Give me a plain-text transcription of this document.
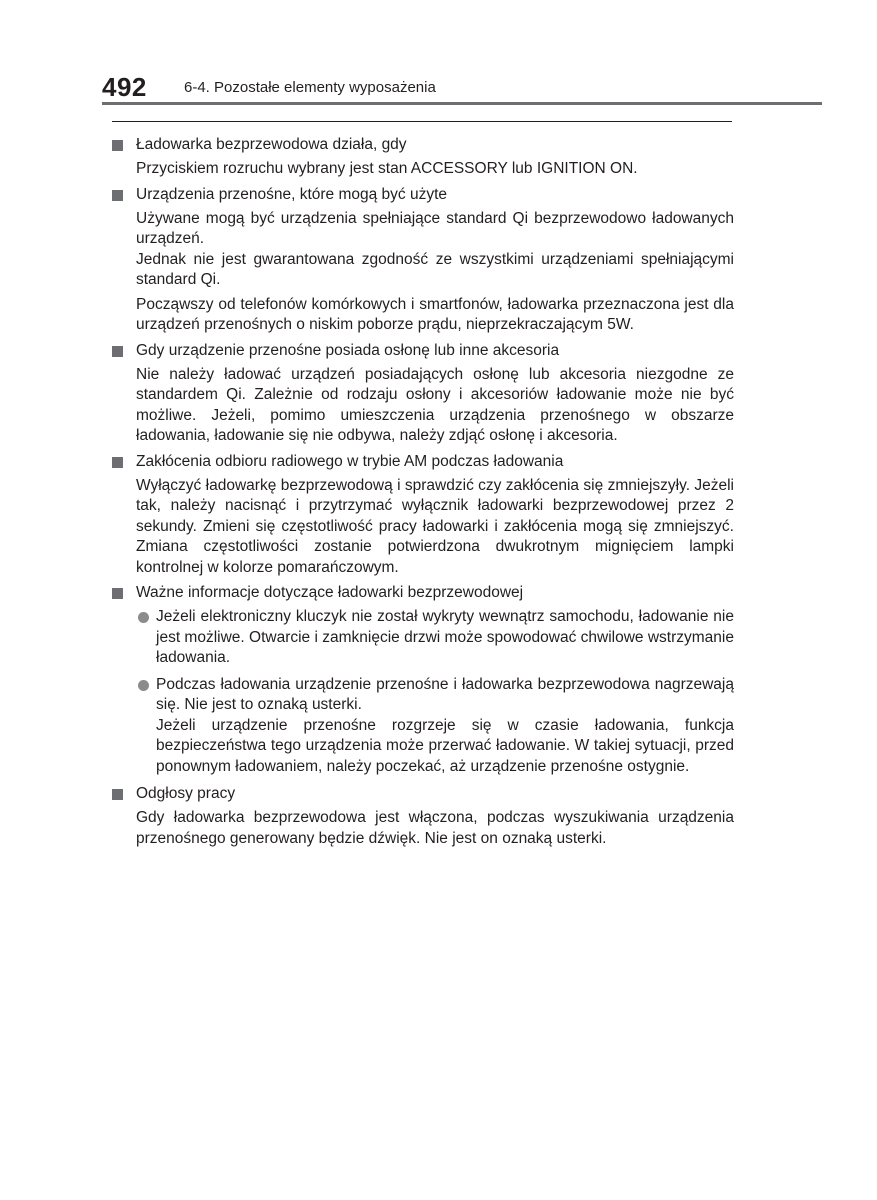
492 6-4. Pozostałe elementy wyposażenia
Ładowarka bezprzewodowa działa, gdy

Przyciskiem rozruchu wybrany jest stan ACCESSORY lub IGNITION ON.

Urządzenia przenośne, które mogą być użyte

Używane mogą być urządzenia spełniające standard Qi bezprzewodowo ładowanych urządzeń.

Jednak nie jest gwarantowana zgodność ze wszystkimi urządzeniami spełniającymi standard Qi.

Począwszy od telefonów komórkowych i smartfonów, ładowarka przeznaczona jest dla urządzeń przenośnych o niskim poborze prądu, nieprzekraczającym 5W.

Gdy urządzenie przenośne posiada osłonę lub inne akcesoria

Nie należy ładować urządzeń posiadających osłonę lub akcesoria niezgodne ze standardem Qi. Zależnie od rodzaju osłony i akcesoriów ładowanie może nie być możliwe. Jeżeli, pomimo umieszczenia urządzenia przenośnego w obszarze ładowania, ładowanie się nie odbywa, należy zdjąć osłonę i akcesoria.

Zakłócenia odbioru radiowego w trybie AM podczas ładowania

Wyłączyć ładowarkę bezprzewodową i sprawdzić czy zakłócenia się zmniejszyły. Jeżeli tak, należy nacisnąć i przytrzymać wyłącznik ładowarki bezprzewodowej przez 2 sekundy. Zmieni się częstotliwość pracy ładowarki i zakłócenia mogą się zmniejszyć. Zmiana częstotliwości zostanie potwierdzona dwukrotnym mignięciem lampki kontrolnej w kolorze pomarańczowym.

Ważne informacje dotyczące ładowarki bezprzewodowej

Jeżeli elektroniczny kluczyk nie został wykryty wewnątrz samochodu, ładowanie nie jest możliwe. Otwarcie i zamknięcie drzwi może spowodować chwilowe wstrzymanie ładowania.

Podczas ładowania urządzenie przenośne i ładowarka bezprzewodowa nagrzewają się. Nie jest to oznaką usterki.

Jeżeli urządzenie przenośne rozgrzeje się w czasie ładowania, funkcja bezpieczeństwa tego urządzenia może przerwać ładowanie. W takiej sytuacji, przed ponownym ładowaniem, należy poczekać, aż urządzenie przenośne ostygnie.

Odgłosy pracy

Gdy ładowarka bezprzewodowa jest włączona, podczas wyszukiwania urządzenia przenośnego generowany będzie dźwięk. Nie jest on oznaką usterki.
